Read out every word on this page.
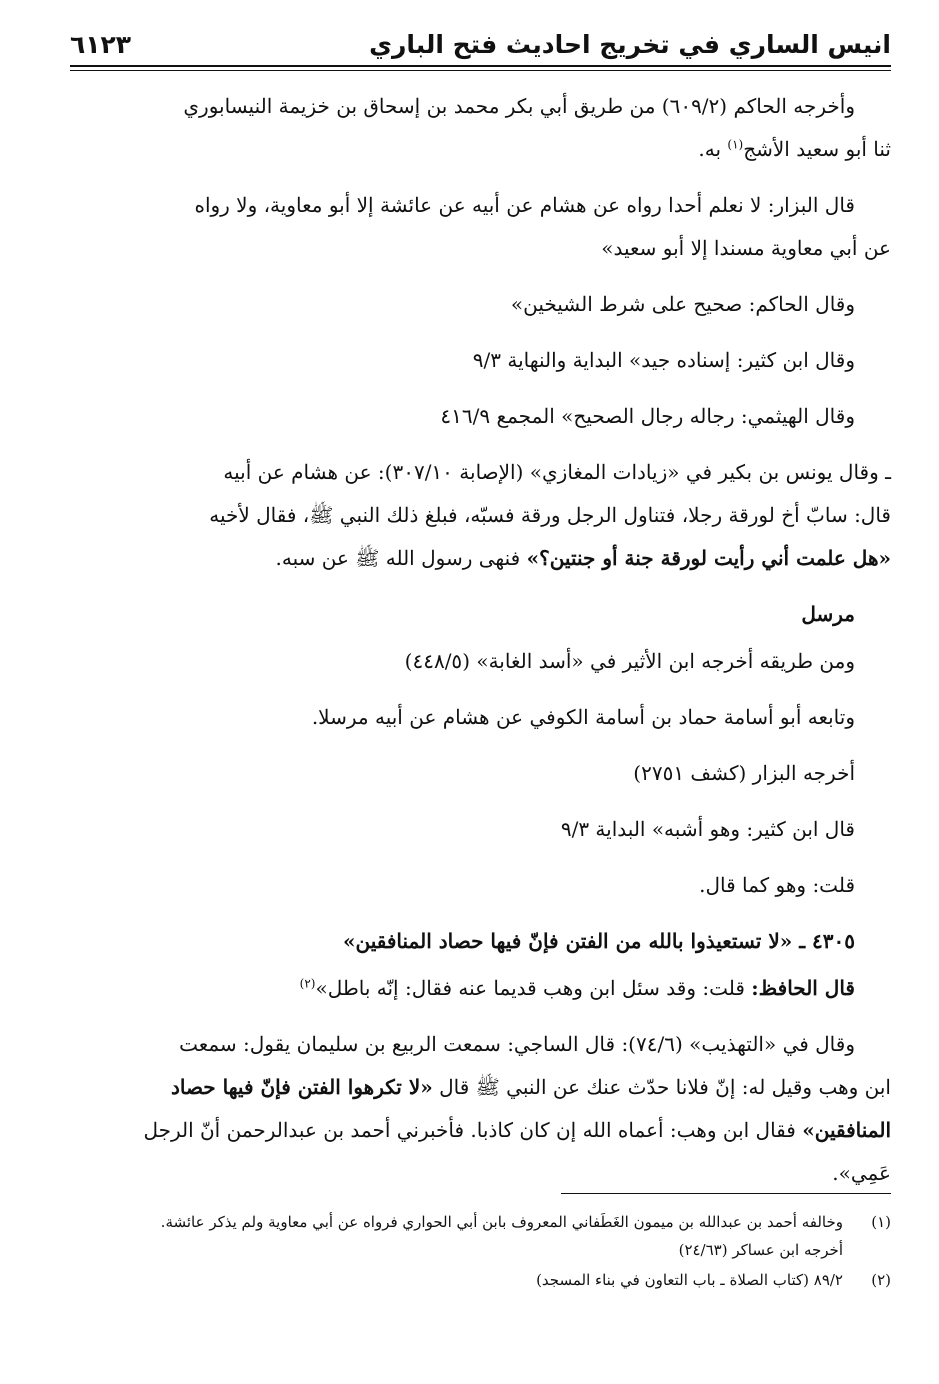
انيس الساري في تخريج احاديث فتح الباري
٦١٢٣

وأخرجه الحاكم (٦٠٩/٢) من طريق أبي بكر محمد بن إسحاق بن خزيمة النيسابوري
ثنا أبو سعيد الأشج$^{(١)}$ به.

قال البزار: لا نعلم أحدا رواه عن هشام عن أبيه عن عائشة إلا أبو معاوية، ولا رواه
عن أبي معاوية مسندا إلا أبو سعيد»

وقال الحاكم: صحيح على شرط الشيخين»

وقال ابن كثير: إسناده جيد» البداية والنهاية ٩/٣

وقال الهيثمي: رجاله رجال الصحيح» المجمع ٤١٦/٩

ـ وقال يونس بن بكير في «زيادات المغازي» (الإصابة ٣٠٧/١٠): عن هشام عن أبيه
قال: سابّ أخ لورقة رجلا، فتناول الرجل ورقة فسبّه، فبلغ ذلك النبي ﷺ، فقال لأخيه
«هل علمت أني رأيت لورقة جنة أو جنتين؟» فنهى رسول الله ﷺ عن سبه.

مرسل

ومن طريقه أخرجه ابن الأثير في «أسد الغابة» (٤٤٨/٥)

وتابعه أبو أسامة حماد بن أسامة الكوفي عن هشام عن أبيه مرسلا.

أخرجه البزار (كشف ٢٧٥١)

قال ابن كثير: وهو أشبه» البداية ٩/٣

قلت: وهو كما قال.

٤٣٠٥ ـ «لا تستعيذوا بالله من الفتن فإنّ فيها حصاد المنافقين»

قال الحافظ: قلت: وقد سئل ابن وهب قديما عنه فقال: إنّه باطل»$^{(٢)}$

وقال في «التهذيب» (٧٤/٦): قال الساجي: سمعت الربيع بن سليمان يقول: سمعت
ابن وهب وقيل له: إنّ فلانا حدّث عنك عن النبي ﷺ قال «لا تكرهوا الفتن فإنّ فيها حصاد
المنافقين» فقال ابن وهب: أعماه الله إن كان كاذبا. فأخبرني أحمد بن عبدالرحمن أنّ الرجل
عَمِي».

(١)
وخالفه أحمد بن عبدالله بن ميمون الغَطَفاني المعروف بابن أبي الحواري فرواه عن أبي معاوية ولم يذكر عائشة.
أخرجه ابن عساكر (٢٤/٦٣)
(٢)
٨٩/٢ (كتاب الصلاة ـ باب التعاون في بناء المسجد)
